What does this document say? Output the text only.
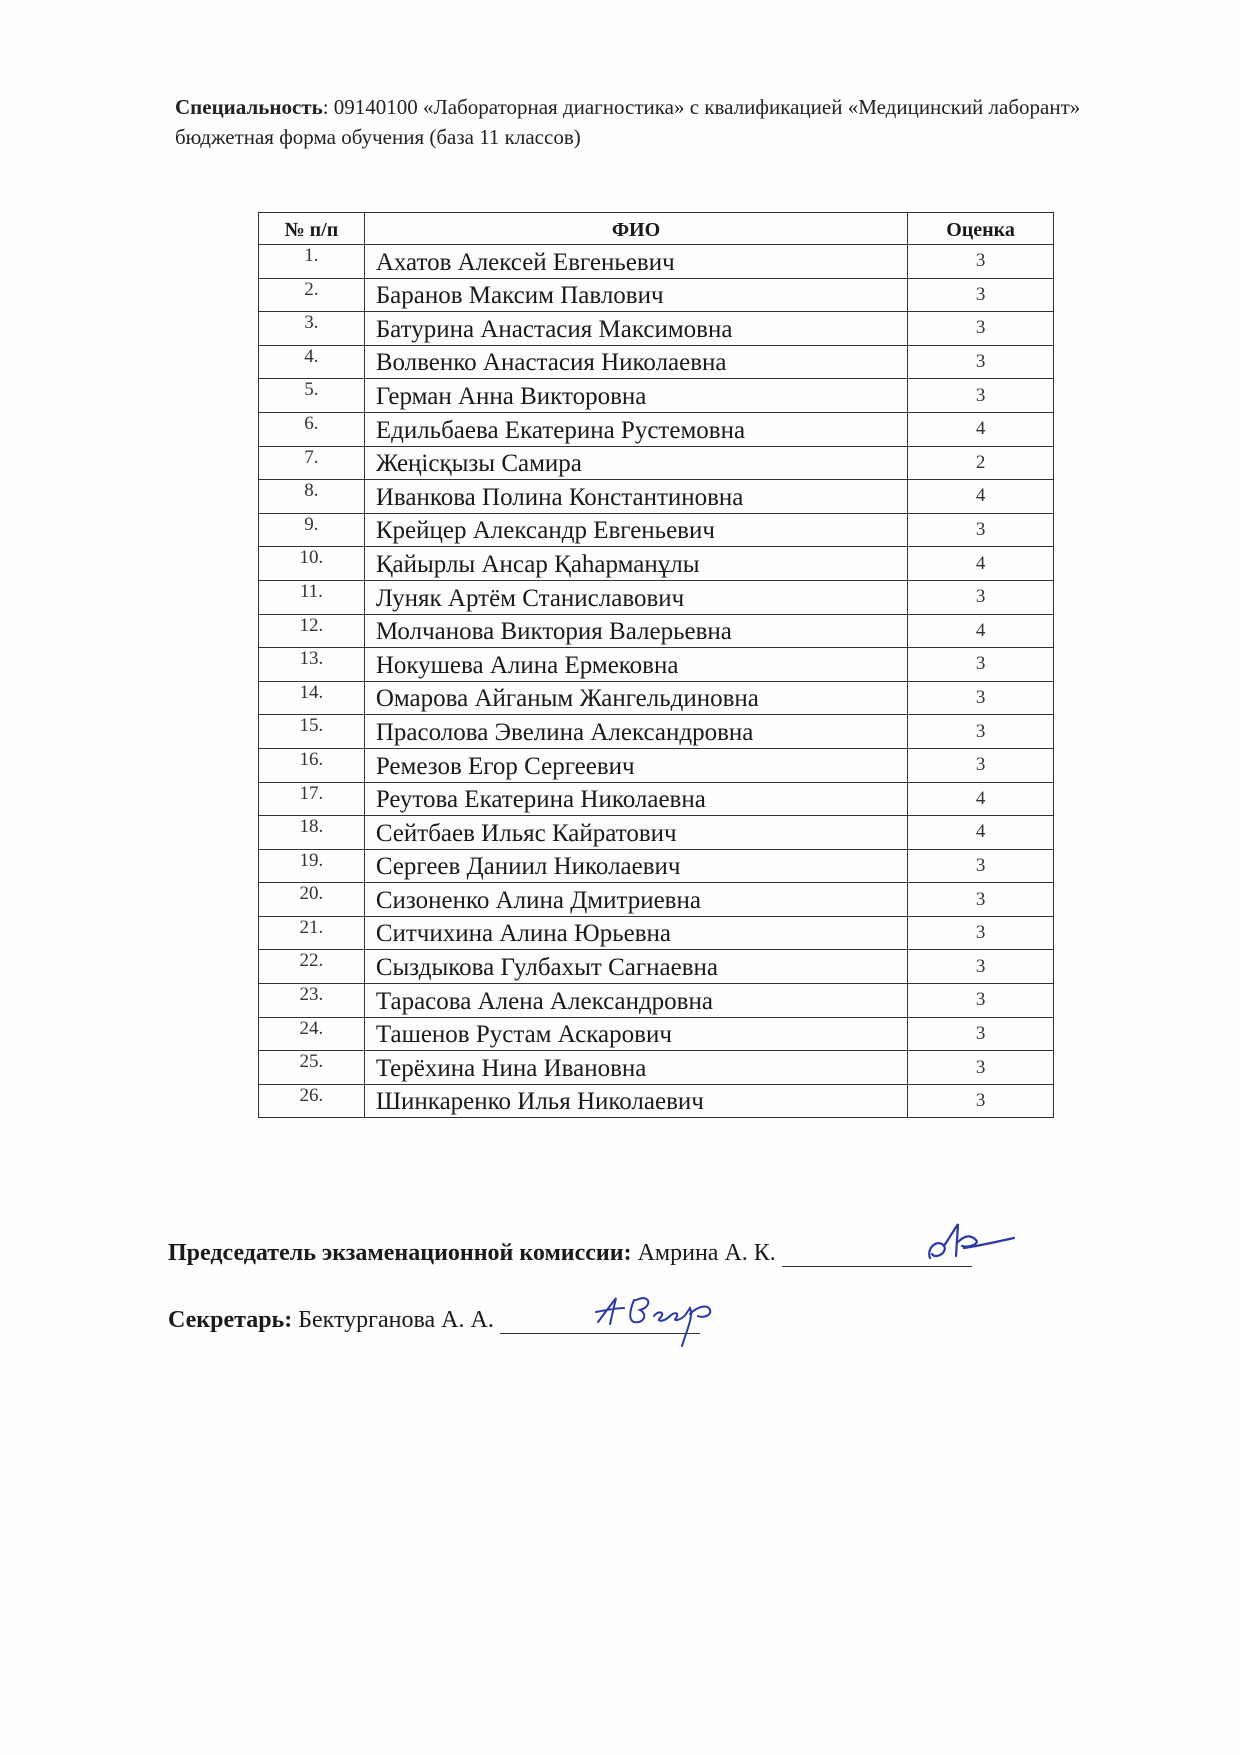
Специальность: 09140100 «Лабораторная диагностика» с квалификацией «Медицинский лаборант» бюджетная форма обучения (база 11 классов)
№ п/п	ФИО	Оценка
1.	Ахатов Алексей Евгеньевич	3
2.	Баранов Максим Павлович	3
3.	Батурина Анастасия Максимовна	3
4.	Волвенко Анастасия Николаевна	3
5.	Герман Анна Викторовна	3
6.	Едильбаева Екатерина Рустемовна	4
7.	Жеңісқызы Самира	2
8.	Иванкова Полина Константиновна	4
9.	Крейцер Александр Евгеньевич	3
10.	Қайырлы Ансар Қаһарманұлы	4
11.	Луняк Артём Станиславович	3
12.	Молчанова Виктория Валерьевна	4
13.	Нокушева Алина Ермековна	3
14.	Омарова Айганым Жангельдиновна	3
15.	Прасолова Эвелина Александровна	3
16.	Ремезов Егор Сергеевич	3
17.	Реутова Екатерина Николаевна	4
18.	Сейтбаев Ильяс Кайратович	4
19.	Сергеев Даниил Николаевич	3
20.	Сизоненко Алина Дмитриевна	3
21.	Ситчихина Алина Юрьевна	3
22.	Сыздыкова Гулбахыт Сагнаевна	3
23.	Тарасова Алена Александровна	3
24.	Ташенов Рустам Аскарович	3
25.	Терёхина Нина Ивановна	3
26.	Шинкаренко Илья Николаевич	3
Председатель экзаменационной комиссии: Амрина А. К.
Секретарь: Бектурганова А. А.
